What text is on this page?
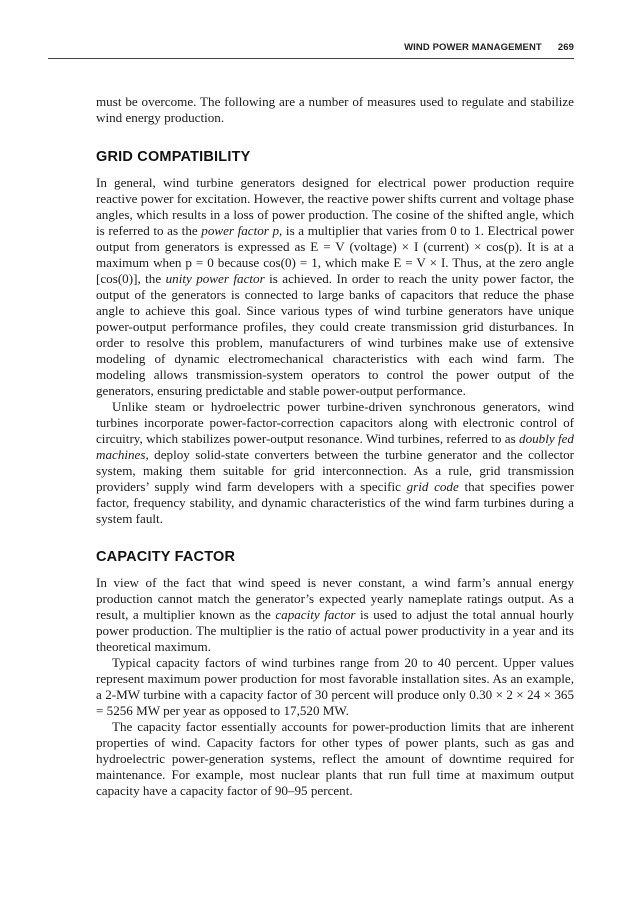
WIND POWER MANAGEMENT 269

must be overcome. The following are a number of measures used to regulate and stabilize wind energy production.

GRID COMPATIBILITY

In general, wind turbine generators designed for electrical power production require reactive power for excitation. However, the reactive power shifts current and voltage phase angles, which results in a loss of power production. The cosine of the shifted angle, which is referred to as the power factor p, is a multiplier that varies from 0 to 1. Electrical power output from generators is expressed as E = V (voltage) × I (current) × cos(p). It is at a maximum when p = 0 because cos(0) = 1, which make E = V × I. Thus, at the zero angle [cos(0)], the unity power factor is achieved. In order to reach the unity power factor, the output of the generators is connected to large banks of capacitors that reduce the phase angle to achieve this goal. Since various types of wind turbine generators have unique power-output performance profiles, they could create transmission grid disturbances. In order to resolve this problem, manufacturers of wind turbines make use of extensive modeling of dynamic electromechanical characteristics with each wind farm. The modeling allows transmission-system operators to control the power output of the generators, ensuring predictable and stable power-output performance.

Unlike steam or hydroelectric power turbine-driven synchronous generators, wind turbines incorporate power-factor-correction capacitors along with electronic control of circuitry, which stabilizes power-output resonance. Wind turbines, referred to as doubly fed machines, deploy solid-state converters between the turbine generator and the collector system, making them suitable for grid interconnection. As a rule, grid transmission providers’ supply wind farm developers with a specific grid code that specifies power factor, frequency stability, and dynamic characteristics of the wind farm turbines during a system fault.

CAPACITY FACTOR

In view of the fact that wind speed is never constant, a wind farm’s annual energy production cannot match the generator’s expected yearly nameplate ratings output. As a result, a multiplier known as the capacity factor is used to adjust the total annual hourly power production. The multiplier is the ratio of actual power productivity in a year and its theoretical maximum.

Typical capacity factors of wind turbines range from 20 to 40 percent. Upper values represent maximum power production for most favorable installation sites. As an example, a 2-MW turbine with a capacity factor of 30 percent will produce only 0.30 × 2 × 24 × 365 = 5256 MW per year as opposed to 17,520 MW.

The capacity factor essentially accounts for power-production limits that are inherent properties of wind. Capacity factors for other types of power plants, such as gas and hydroelectric power-generation systems, reflect the amount of downtime required for maintenance. For example, most nuclear plants that run full time at maximum output capacity have a capacity factor of 90–95 percent.
